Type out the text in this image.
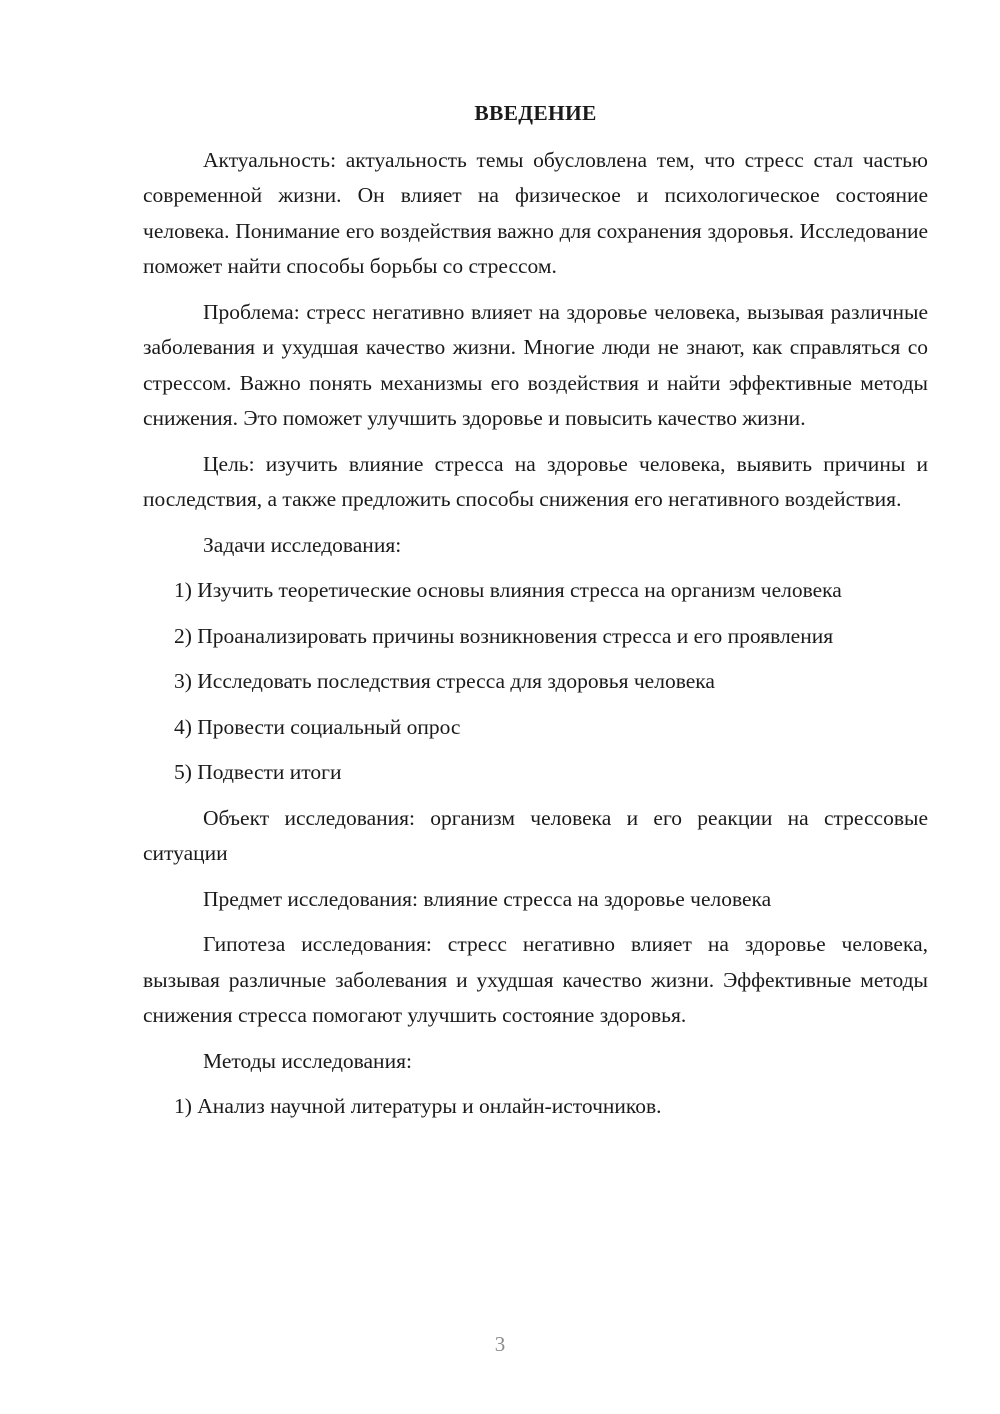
ВВЕДЕНИЕ

Актуальность: актуальность темы обусловлена тем, что стресс стал частью современной жизни. Он влияет на физическое и психологическое состояние человека. Понимание его воздействия важно для сохранения здоровья. Исследование поможет найти способы борьбы со стрессом.

Проблема: стресс негативно влияет на здоровье человека, вызывая различные заболевания и ухудшая качество жизни. Многие люди не знают, как справляться со стрессом. Важно понять механизмы его воздействия и найти эффективные методы снижения. Это поможет улучшить здоровье и повысить качество жизни.

Цель: изучить влияние стресса на здоровье человека, выявить причины и последствия, а также предложить способы снижения его негативного воздействия.

Задачи исследования:

1) Изучить теоретические основы влияния стресса на организм человека

2) Проанализировать причины возникновения стресса и его проявления

3) Исследовать последствия стресса для здоровья человека

4) Провести социальный опрос

5) Подвести итоги

Объект исследования: организм человека и его реакции на стрессовые ситуации

Предмет исследования: влияние стресса на здоровье человека

Гипотеза исследования: стресс негативно влияет на здоровье человека, вызывая различные заболевания и ухудшая качество жизни. Эффективные методы снижения стресса помогают улучшить состояние здоровья.

Методы исследования:

1) Анализ научной литературы и онлайн-источников.

3
